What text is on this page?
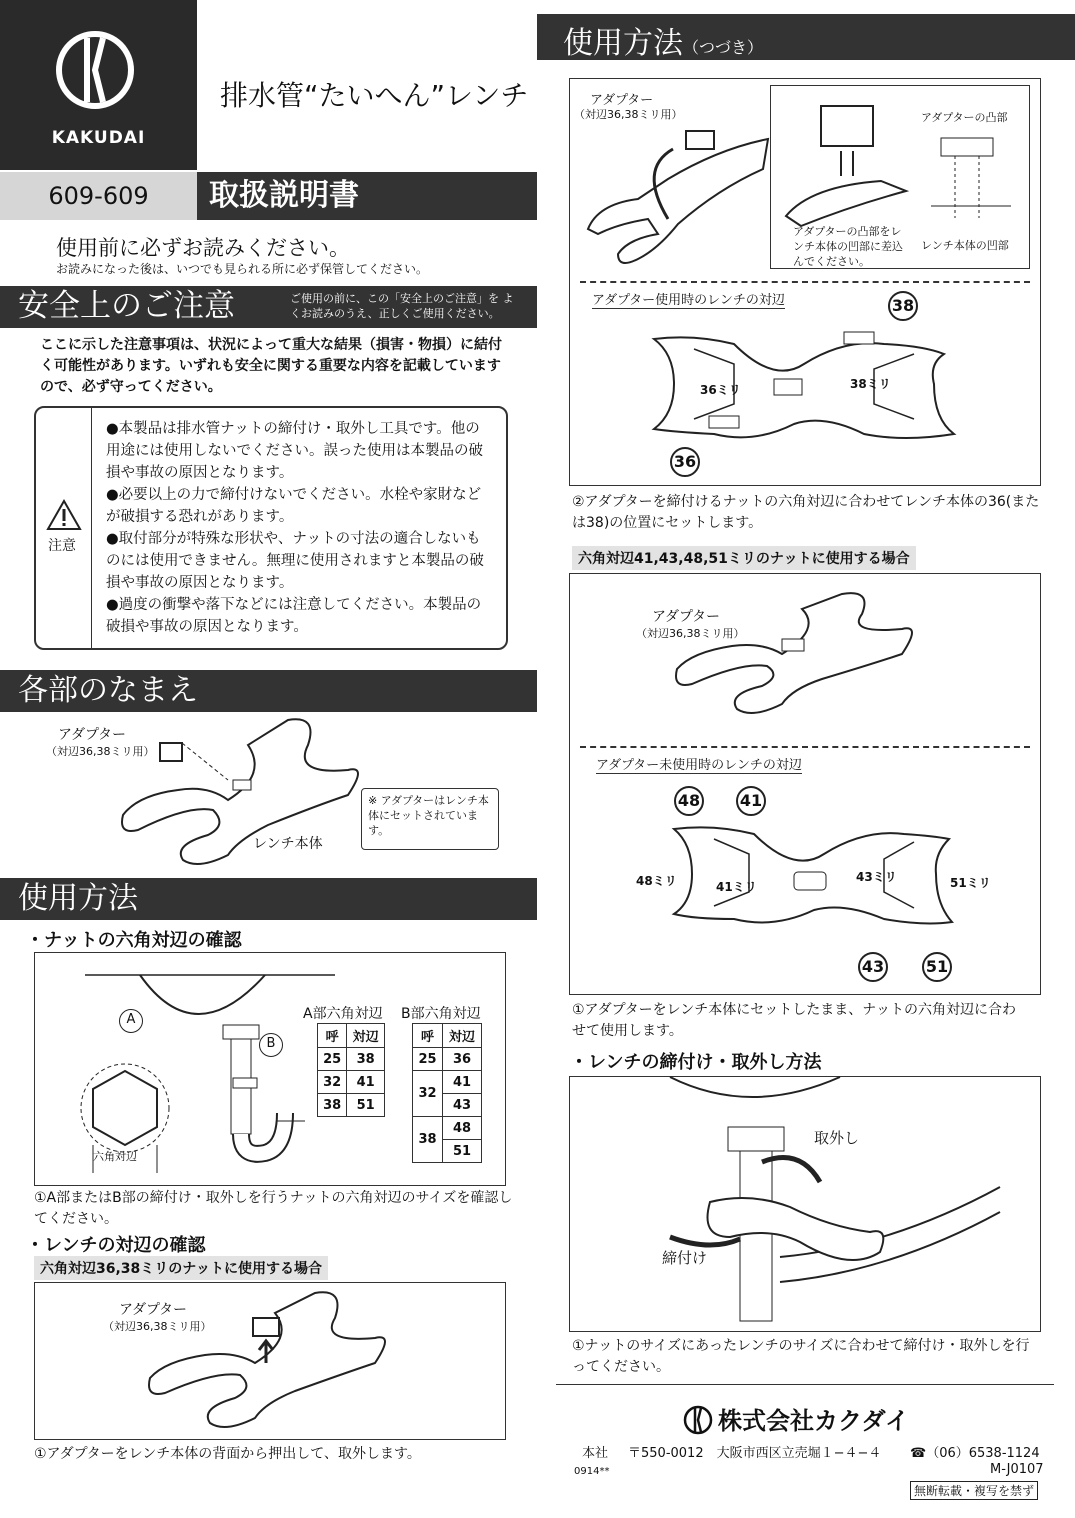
KAKUDAI
排水管“たいへん”レンチ
609-609	取扱説明書
使用前に必ずお読みください。
お読みになった後は、いつでも見られる所に必ず保管してください。
安全上のご注意	ご使用の前に、この「安全上のご注意」を よくお読みのうえ、正しくご使用ください。
ここに示した注意事項は、状況によって重大な結果（損害・物損）に結付く可能性があります。いずれも安全に関する重要な内容を記載していますので、必ず守ってください。
注意
●本製品は排水管ナットの締付け・取外し工具です。他の用途には使用しないでください。誤った使用は本製品の破損や事故の原因となります。
●必要以上の力で締付けないでください。水栓や家財などが破損する恐れがあります。
●取付部分が特殊な形状や、ナットの寸法の適合しないものには使用できません。無理に使用されますと本製品の破損や事故の原因となります。
●過度の衝撃や落下などには注意してください。本製品の破損や事故の原因となります。
各部のなまえ
アダプター
（対辺36,38ミリ用）
レンチ本体
※ アダプターはレンチ本体にセットされています。
使用方法
・ナットの六角対辺の確認
A
B
六角対辺
A部六角対辺 B部六角対辺
呼	対辺
25	38
32	41
38	51
呼	対辺
25	36
32	41
	43
38	48
	51
①A部またはB部の締付け・取外しを行うナットの六角対辺のサイズを確認してください。
・レンチの対辺の確認
六角対辺36,38ミリのナットに使用する場合
アダプター
（対辺36,38ミリ用）
①アダプターをレンチ本体の背面から押出して、取外します。
使用方法（つづき）
アダプター
（対辺36,38ミリ用）	アダプターの凸部
レンチ本体の凹部
アダプターの凸部をレンチ本体の凹部に差込んでください。
アダプター使用時のレンチの対辺
36ミリ	38ミリ
38
36
②アダプターを締付けるナットの六角対辺に合わせてレンチ本体の36(または38)の位置にセットします。
六角対辺41,43,48,51ミリのナットに使用する場合
アダプター
（対辺36,38ミリ用）
アダプター未使用時のレンチの対辺
48 41
43	51
48ミリ	41ミリ
43ミリ	51ミリ
①アダプターをレンチ本体にセットしたまま、ナットの六角対辺に合わせて使用します。
・レンチの締付け・取外し方法
取外し
締付け
①ナットのサイズにあったレンチのサイズに合わせて締付け・取外しを行ってください。
株式会社カクダイ
本社 〒550-0012　大阪市西区立売堀１−４−４ ☎（06）6538-1124
0914**	M-J0107
無断転載・複写を禁ず
